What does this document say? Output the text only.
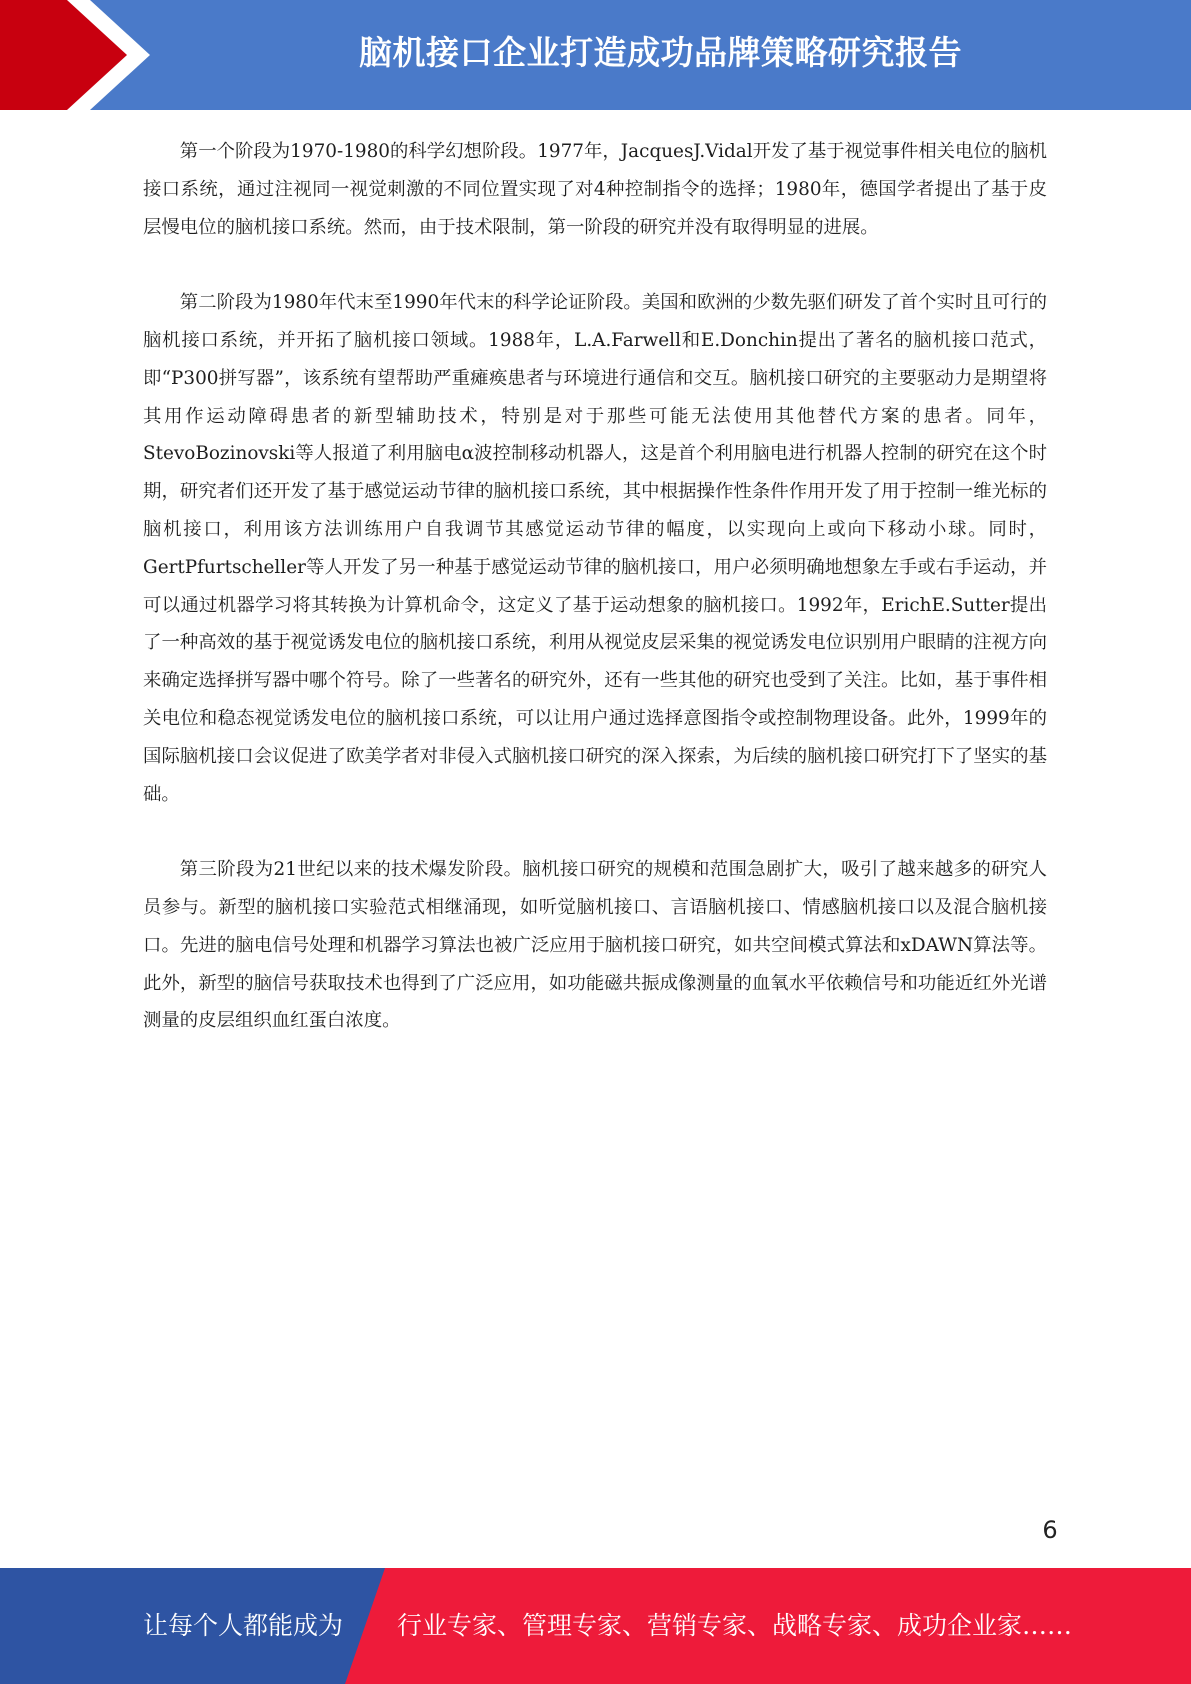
脑机接口企业打造成功品牌策略研究报告

第一个阶段为1970-1980的科学幻想阶段。1977年，JacquesJ.Vidal开发了基于视觉事件相关电位的脑机接口系统，通过注视同一视觉刺激的不同位置实现了对4种控制指令的选择；1980年，德国学者提出了基于皮层慢电位的脑机接口系统。然而，由于技术限制，第一阶段的研究并没有取得明显的进展。

第二阶段为1980年代末至1990年代末的科学论证阶段。美国和欧洲的少数先驱们研发了首个实时且可行的脑机接口系统，并开拓了脑机接口领域。1988年，L.A.Farwell和E.Donchin提出了著名的脑机接口范式，即“P300拼写器”，该系统有望帮助严重瘫痪患者与环境进行通信和交互。脑机接口研究的主要驱动力是期望将其用作运动障碍患者的新型辅助技术，特别是对于那些可能无法使用其他替代方案的患者。同年，StevoBozinovski等人报道了利用脑电α波控制移动机器人，这是首个利用脑电进行机器人控制的研究在这个时期，研究者们还开发了基于感觉运动节律的脑机接口系统，其中根据操作性条件作用开发了用于控制一维光标的脑机接口，利用该方法训练用户自我调节其感觉运动节律的幅度，以实现向上或向下移动小球。同时，GertPfurtscheller等人开发了另一种基于感觉运动节律的脑机接口，用户必须明确地想象左手或右手运动，并可以通过机器学习将其转换为计算机命令，这定义了基于运动想象的脑机接口。1992年，ErichE.Sutter提出了一种高效的基于视觉诱发电位的脑机接口系统，利用从视觉皮层采集的视觉诱发电位识别用户眼睛的注视方向来确定选择拼写器中哪个符号。除了一些著名的研究外，还有一些其他的研究也受到了关注。比如，基于事件相关电位和稳态视觉诱发电位的脑机接口系统，可以让用户通过选择意图指令或控制物理设备。此外，1999年的国际脑机接口会议促进了欧美学者对非侵入式脑机接口研究的深入探索，为后续的脑机接口研究打下了坚实的基础。

第三阶段为21世纪以来的技术爆发阶段。脑机接口研究的规模和范围急剧扩大，吸引了越来越多的研究人员参与。新型的脑机接口实验范式相继涌现，如听觉脑机接口、言语脑机接口、情感脑机接口以及混合脑机接口。先进的脑电信号处理和机器学习算法也被广泛应用于脑机接口研究，如共空间模式算法和xDAWN算法等。此外，新型的脑信号获取技术也得到了广泛应用，如功能磁共振成像测量的血氧水平依赖信号和功能近红外光谱测量的皮层组织血红蛋白浓度。

6
让每个人都能成为 行业专家、管理专家、营销专家、战略专家、成功企业家……
